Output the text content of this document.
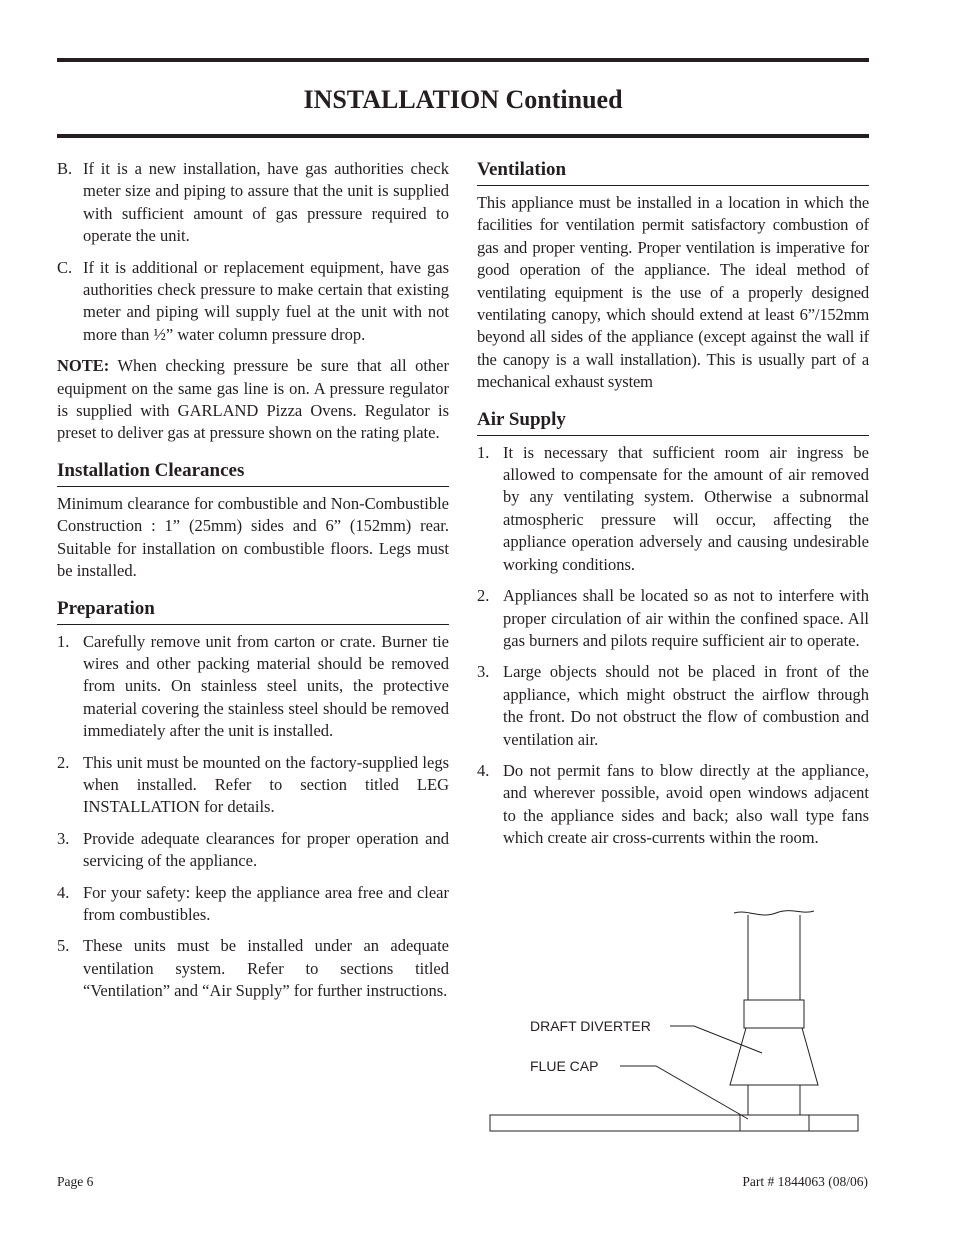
INSTALLATION Continued
B. If it is a new installation, have gas authorities check meter size and piping to assure that the unit is supplied with sufficient amount of gas pressure required to operate the unit.
C. If it is additional or replacement equipment, have gas authorities check pressure to make certain that existing meter and piping will supply fuel at the unit with not more than ½” water column pressure drop.

NOTE: When checking pressure be sure that all other equipment on the same gas line is on. A pressure regulator is supplied with GARLAND Pizza Ovens. Regulator is preset to deliver gas at pressure shown on the rating plate.

Installation Clearances

Minimum clearance for combustible and Non-Combustible Construction : 1” (25mm) sides and 6” (152mm) rear. Suitable for installation on combustible floors. Legs must be installed.

Preparation
1. Carefully remove unit from carton or crate. Burner tie wires and other packing material should be removed from units. On stainless steel units, the protective material covering the stainless steel should be removed immediately after the unit is installed.
2. This unit must be mounted on the factory-supplied legs when installed. Refer to section titled LEG INSTALLATION for details.
3. Provide adequate clearances for proper operation and servicing of the appliance.
4. For your safety: keep the appliance area free and clear from combustibles.
5. These units must be installed under an adequate ventilation system. Refer to sections titled “Ventilation” and “Air Supply” for further instructions.
Ventilation

This appliance must be installed in a location in which the facilities for ventilation permit satisfactory combustion of gas and proper venting. Proper ventilation is imperative for good operation of the appliance. The ideal method of ventilating equipment is the use of a properly designed ventilating canopy, which should extend at least 6”/152mm beyond all sides of the appliance (except against the wall if the canopy is a wall installation). This is usually part of a mechanical exhaust system

Air Supply
1. It is necessary that sufficient room air ingress be allowed to compensate for the amount of air removed by any ventilating system. Otherwise a subnormal atmospheric pressure will occur, affecting the appliance operation adversely and causing undesirable working conditions.
2. Appliances shall be located so as not to interfere with proper circulation of air within the confined space. All gas burners and pilots require sufficient air to operate.
3. Large objects should not be placed in front of the appliance, which might obstruct the airflow through the front. Do not obstruct the flow of combustion and ventilation air.
4. Do not permit fans to blow directly at the appliance, and wherever possible, avoid open windows adjacent to the appliance sides and back; also wall type fans which create air cross-currents within the room.
DRAFT DIVERTER
FLUE CAP
Page 6	Part # 1844063 (08/06)
